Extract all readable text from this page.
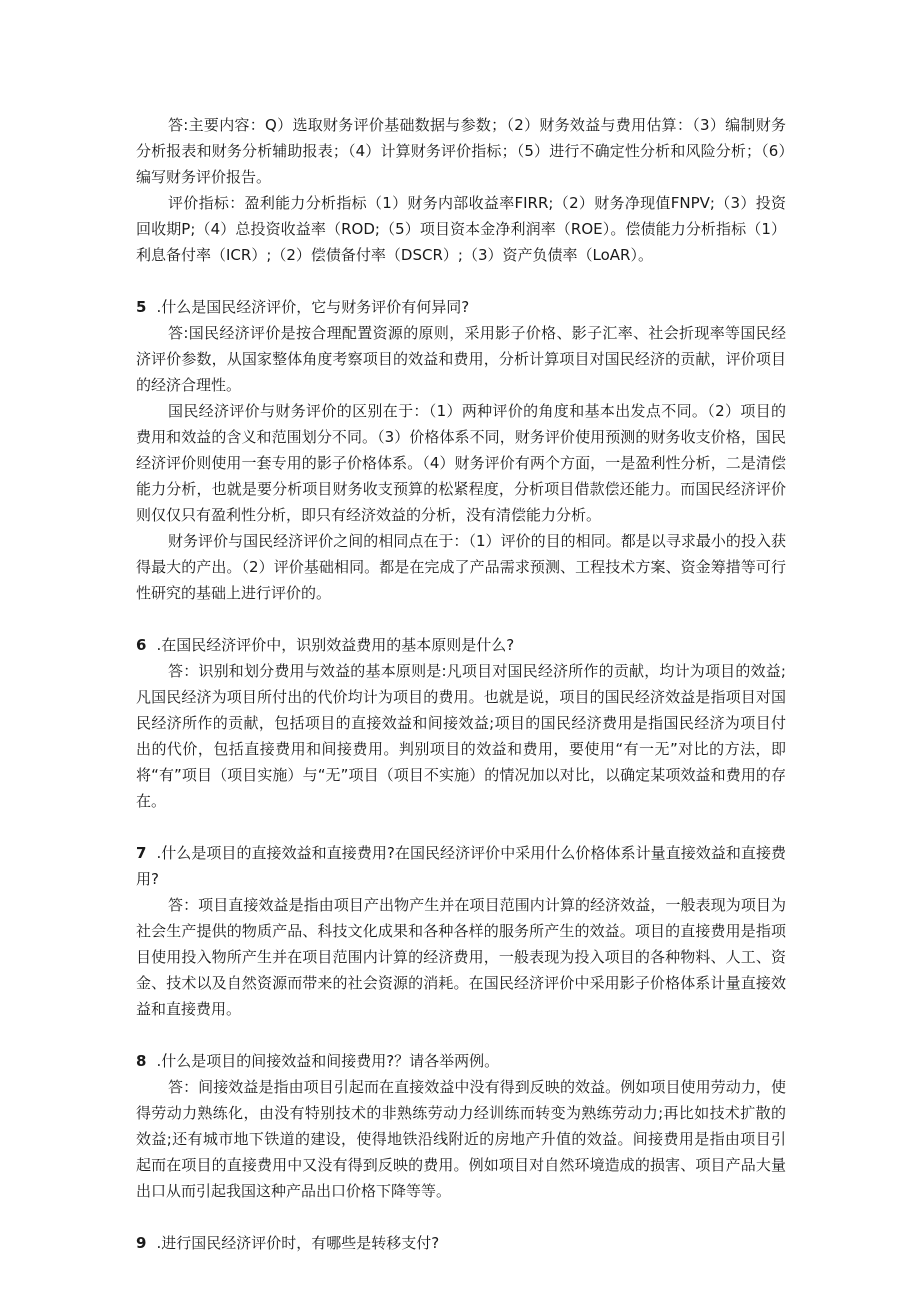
答:主要内容：Q）选取财务评价基础数据与参数；（2）财务效益与费用估算：（3）编制财务分析报表和财务分析辅助报表；（4）计算财务评价指标；（5）进行不确定性分析和风险分析；（6）编写财务评价报告。

评价指标：盈利能力分析指标（1）财务内部收益率FIRR;（2）财务净现值FNPV;（3）投资回收期P;（4）总投资收益率（ROD;（5）项目资本金净利润率（ROE）。偿债能力分析指标（1）利息备付率（ICR）;（2）偿债备付率（DSCR）;（3）资产负债率（LoAR）。

5 .什么是国民经济评价，它与财务评价有何异同?

答:国民经济评价是按合理配置资源的原则，采用影子价格、影子汇率、社会折现率等国民经济评价参数，从国家整体角度考察项目的效益和费用，分析计算项目对国民经济的贡献，评价项目的经济合理性。

国民经济评价与财务评价的区别在于：（1）两种评价的角度和基本出发点不同。（2）项目的费用和效益的含义和范围划分不同。（3）价格体系不同，财务评价使用预测的财务收支价格，国民经济评价则使用一套专用的影子价格体系。（4）财务评价有两个方面，一是盈利性分析，二是清偿能力分析，也就是要分析项目财务收支预算的松紧程度，分析项目借款偿还能力。而国民经济评价则仅仅只有盈利性分析，即只有经济效益的分析，没有清偿能力分析。

财务评价与国民经济评价之间的相同点在于：（1）评价的目的相同。都是以寻求最小的投入获得最大的产出。（2）评价基础相同。都是在完成了产品需求预测、工程技术方案、资金筹措等可行性研究的基础上进行评价的。

6 .在国民经济评价中，识别效益费用的基本原则是什么?

答：识别和划分费用与效益的基本原则是:凡项目对国民经济所作的贡献，均计为项目的效益;凡国民经济为项目所付出的代价均计为项目的费用。也就是说，项目的国民经济效益是指项目对国民经济所作的贡献，包括项目的直接效益和间接效益;项目的国民经济费用是指国民经济为项目付出的代价，包括直接费用和间接费用。判别项目的效益和费用，要使用“有一无”对比的方法，即将“有”项目（项目实施）与“无”项目（项目不实施）的情况加以对比，以确定某项效益和费用的存在。

7 .什么是项目的直接效益和直接费用?在国民经济评价中采用什么价格体系计量直接效益和直接费用?

答：项目直接效益是指由项目产出物产生并在项目范围内计算的经济效益，一般表现为项目为社会生产提供的物质产品、科技文化成果和各种各样的服务所产生的效益。项目的直接费用是指项目使用投入物所产生并在项目范围内计算的经济费用，一般表现为投入项目的各种物料、人工、资金、技术以及自然资源而带来的社会资源的消耗。在国民经济评价中采用影子价格体系计量直接效益和直接费用。

8 .什么是项目的间接效益和间接费用?？请各举两例。

答：间接效益是指由项目引起而在直接效益中没有得到反映的效益。例如项目使用劳动力，使得劳动力熟练化，由没有特别技术的非熟练劳动力经训练而转变为熟练劳动力;再比如技术扩散的效益;还有城市地下铁道的建设，使得地铁沿线附近的房地产升值的效益。间接费用是指由项目引起而在项目的直接费用中又没有得到反映的费用。例如项目对自然环境造成的损害、项目产品大量出口从而引起我国这种产品出口价格下降等等。

9 .进行国民经济评价时，有哪些是转移支付?
